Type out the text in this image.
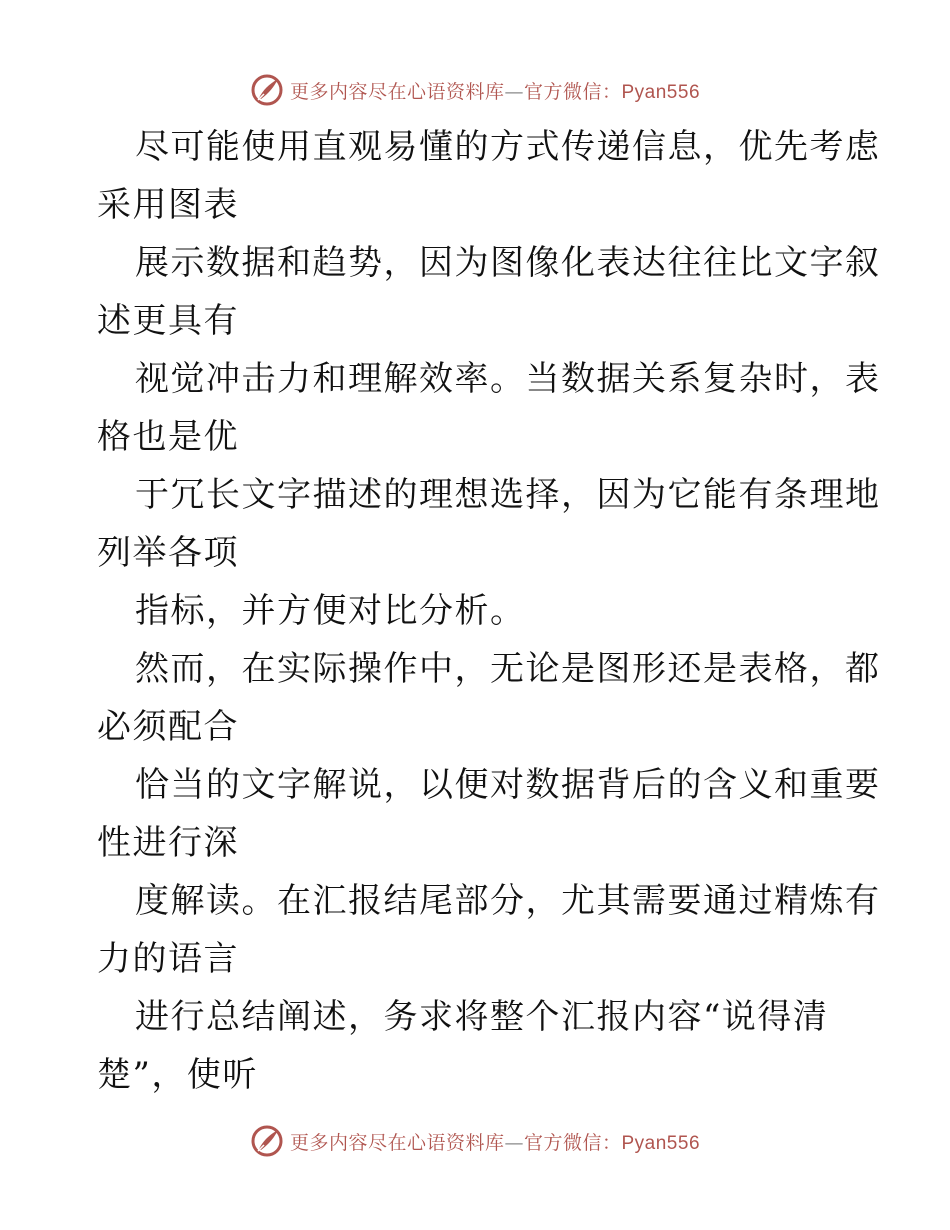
更多内容尽在心语资料库—官方微信：Pyan556
尽可能使用直观易懂的方式传递信息，优先考虑
采用图表
展示数据和趋势，因为图像化表达往往比文字叙
述更具有
视觉冲击力和理解效率。当数据关系复杂时，表
格也是优
于冗长文字描述的理想选择，因为它能有条理地
列举各项
指标，并方便对比分析。
然而，在实际操作中，无论是图形还是表格，都
必须配合
恰当的文字解说，以便对数据背后的含义和重要
性进行深
度解读。在汇报结尾部分，尤其需要通过精炼有
力的语言
进行总结阐述，务求将整个汇报内容“说得清
楚”，使听
更多内容尽在心语资料库—官方微信：Pyan556
